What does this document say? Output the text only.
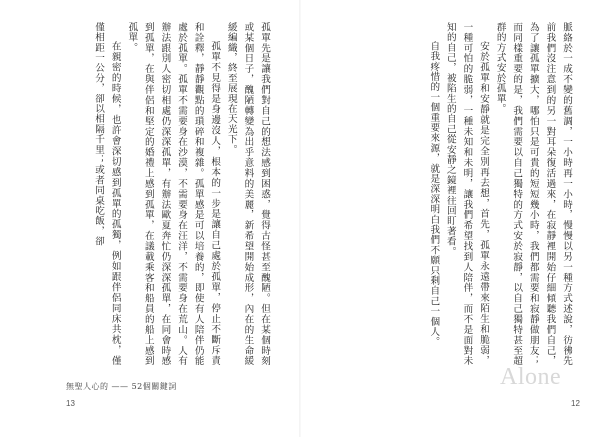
孤單先是讓我們對自己的想法感到困惑，覺得古怪甚至醜陋。但在某個時刻或某個日子，醜陋轉變為出乎意料的美麗，新希望開始成形，內在的生命緩緩編織，終至展現在天光下。

孤單不見得是身邊沒人，根本的一步是讓自己處於孤單，停止不斷斥責和詮釋，靜靜觀點的瑣碎和複雜。孤單感是可以培養的，即使有人陪伴仍能處於孤單。孤單不需要身在沙漠，不需要身在汪洋，不需要身在荒山。人有辦法跟別人密切相處仍深深孤單，有辦法歐夏奔忙仍深深孤單，在同會時感到孤單，在與伴侶和堅定的婚禮上感到孤單，在議載乘客和船員的船上感到孤單。

在親密的時候，也許會深切感到孤單的孤獨，例如跟伴侶同床共枕，僅僅相距一公分，卻以相隔千里；或者同桌吃飯，卻

無聖人心的 —— 52個關鍵詞
13

脈絡於一成不變的舊調，一小時再一小時，慢慢以另一種方式述說，彷彿先前我們沒注意到的另一對耳朵復活過來，在寂靜裡開始仔細傾聽我們自己，為了讓孤單擴大，哪怕只是可貴的短短幾小時，我們都需要和寂靜做朋友；而同樣重要的是，我們需要以自己獨特的方式安於寂靜，以自己獨特甚至超群的方式安於孤單。

安於孤單和安靜就是完全別再去想，首先，孤單永遠帶來陌生和脆弱，一種可怕的脆弱，一種未知和未明，讓我們希望找到人陪伴，而不是面對未知的自己，被陷生的自己從安靜之鏡裡往回盯著看。

自我疼惜的一個重要來源，就是深深明白我們不願只剩自己一個人。

Alone
12
